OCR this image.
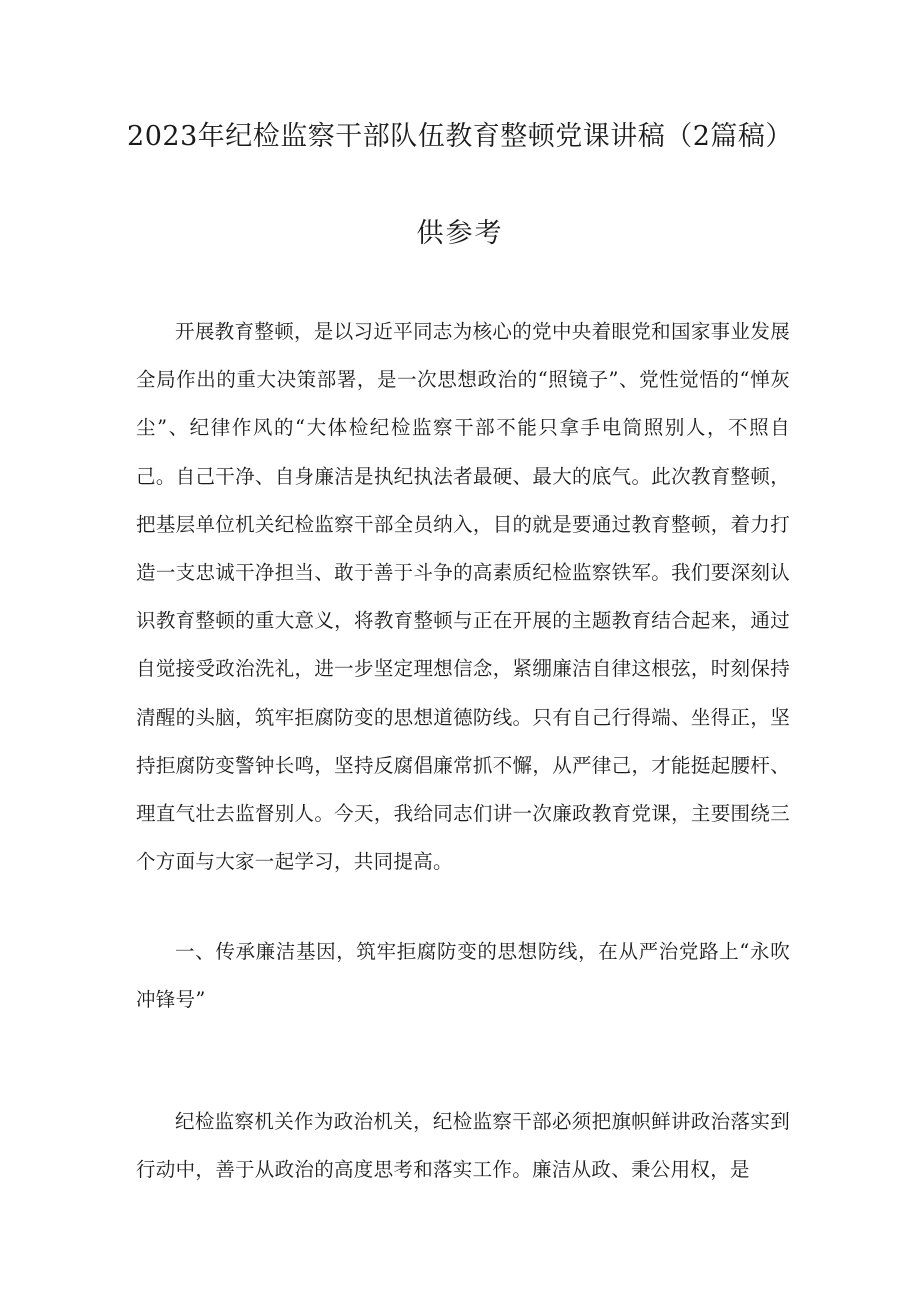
2023年纪检监察干部队伍教育整顿党课讲稿（2篇稿）
供参考
开展教育整顿，是以习近平同志为核心的党中央着眼党和国家事业发展全局作出的重大决策部署，是一次思想政治的“照镜子”、党性觉悟的“惮灰尘”、纪律作风的“大体检纪检监察干部不能只拿手电筒照别人，不照自己。自己干净、自身廉洁是执纪执法者最硬、最大的底气。此次教育整顿，把基层单位机关纪检监察干部全员纳入，目的就是要通过教育整顿，着力打造一支忠诚干净担当、敢于善于斗争的高素质纪检监察铁军。我们要深刻认识教育整顿的重大意义，将教育整顿与正在开展的主题教育结合起来，通过自觉接受政治洗礼，进一步坚定理想信念，紧绷廉洁自律这根弦，时刻保持清醒的头脑，筑牢拒腐防变的思想道德防线。只有自己行得端、坐得正，坚持拒腐防变警钟长鸣，坚持反腐倡廉常抓不懈，从严律己，才能挺起腰杆、理直气壮去监督别人。今天，我给同志们讲一次廉政教育党课，主要围绕三个方面与大家一起学习，共同提高。
一、传承廉洁基因，筑牢拒腐防变的思想防线，在从严治党路上“永吹冲锋号”
纪检监察机关作为政治机关，纪检监察干部必须把旗帜鲜讲政治落实到行动中，善于从政治的高度思考和落实工作。廉洁从政、秉公用权，是
